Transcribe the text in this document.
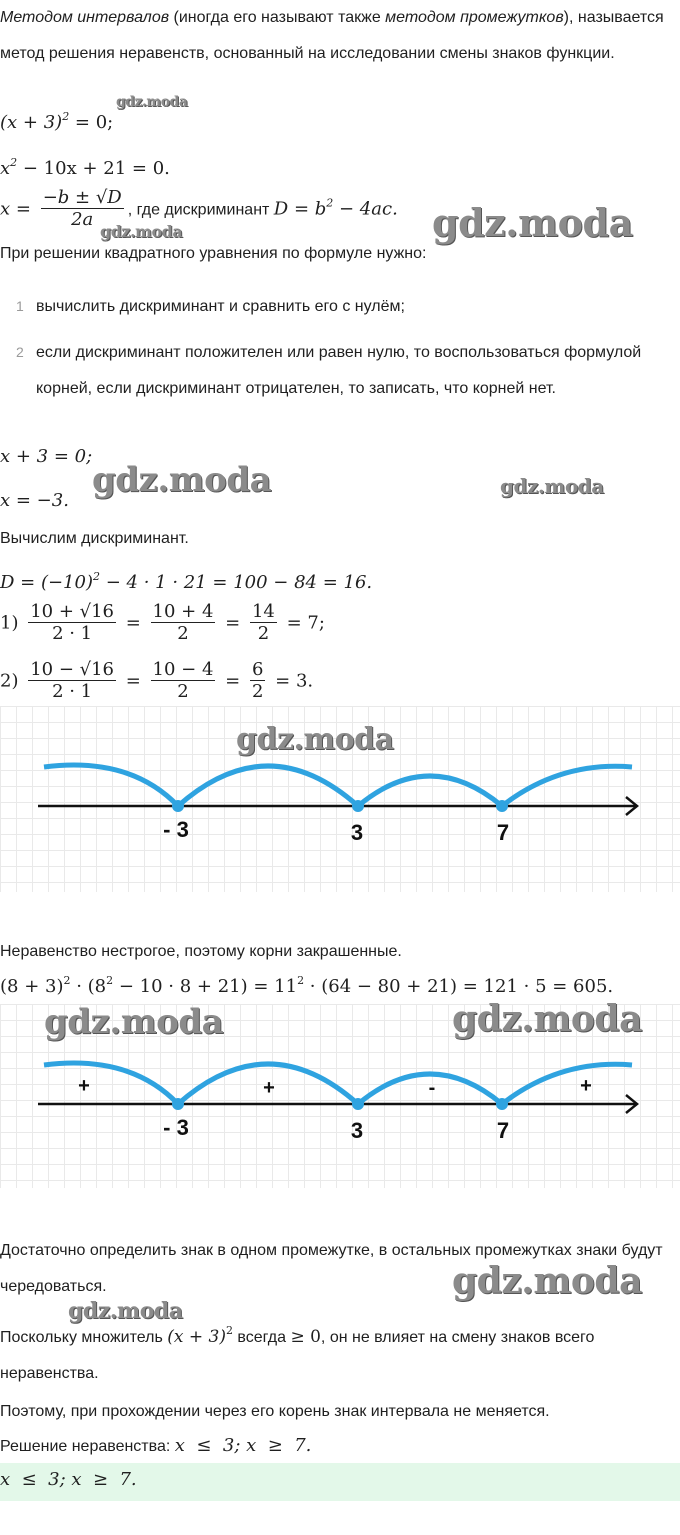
Методом интервалов (иногда его называют также методом промежутков), называется метод решения неравенств, основанный на исследовании смены знаков функции.

gdz.moda
gdz.moda
gdz.moda
gdz.moda	gdz.moda
$(x + 3)^2 = 0$;
$x^2 - 10x + 21 = 0$.
$x = \frac{-b \pm √D}{2a}$ , где дискриминант $D = b^2 - 4ac$.

При решении квадратного уравнения по формуле нужно:

1 вычислить дискриминант и сравнить его с нулём;
2 если дискриминант положителен или равен нулю, то воспользоваться формулой корней, если дискриминант отрицателен, то записать, что корней нет.
x + 3 = 0;
x = −3.

Вычислим дискриминант.

$D = (-10)^2 - 4 \cdot 1 \cdot 21 = 100 - 84 = 16$.
$1) \frac{10 + √16}{2 \cdot 1} = \frac{10 + 4}{2} = \frac{14}{2} = 7$;
$2) \frac{10 - √16}{2 \cdot 1} = \frac{10 - 4}{2} = \frac{6}{2} = 3$.
- 3	3	7
gdz.moda

Неравенство нестрогое, поэтому корни закрашенные.

$(8 + 3)^2 \cdot (8^2 - 10 \cdot 8 + 21) = 11^2 \cdot (64 - 80 + 21) = 121 \cdot 5 = 605$.
+	+	-	+
- 3	3	7
gdz.moda	gdz.moda

Достаточно определить знак в одном промежутке, в остальных промежутках знаки будут чередоваться.	gdz.moda
gdz.moda

Поскольку множитель $(x + 3)^2$ всегда ≥ 0, он не влияет на смену знаков всего неравенства.

Поэтому, при прохождении через его корень знак интервала не меняется.

Решение неравенства: x  ≤  3; x  ≥  7.

x  ≤  3; x  ≥  7.
